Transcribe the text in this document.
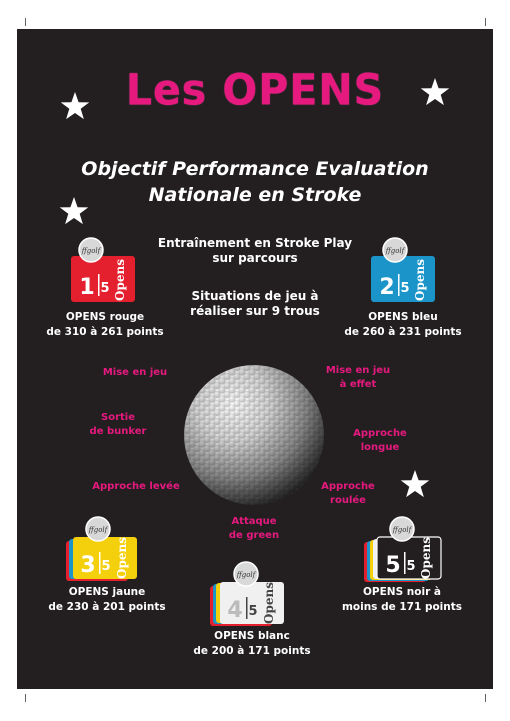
Les OPENS
Objectif Performance Evaluation
Nationale en Stroke
Entraînement en Stroke Play
sur parcours
Situations de jeu à
réaliser sur 9 trous
ffgolf
1 5 Opens
ffgolf
2 5 Opens
ffgolf
3 5 Opens	ffgolf
4 5 Opens
ffgolf
5 5 Opens
OPENS rouge
de 310 à 261 points
OPENS bleu
de 260 à 231 points
OPENS jaune
de 230 à 201 points
OPENS blanc
de 200 à 171 points
OPENS noir à
moins de 171 points
Mise en jeu	Mise en jeu
à effet
Sortie
de bunker	Approche
longue
Approche levée	Approche
roulée
Attaque
de green
